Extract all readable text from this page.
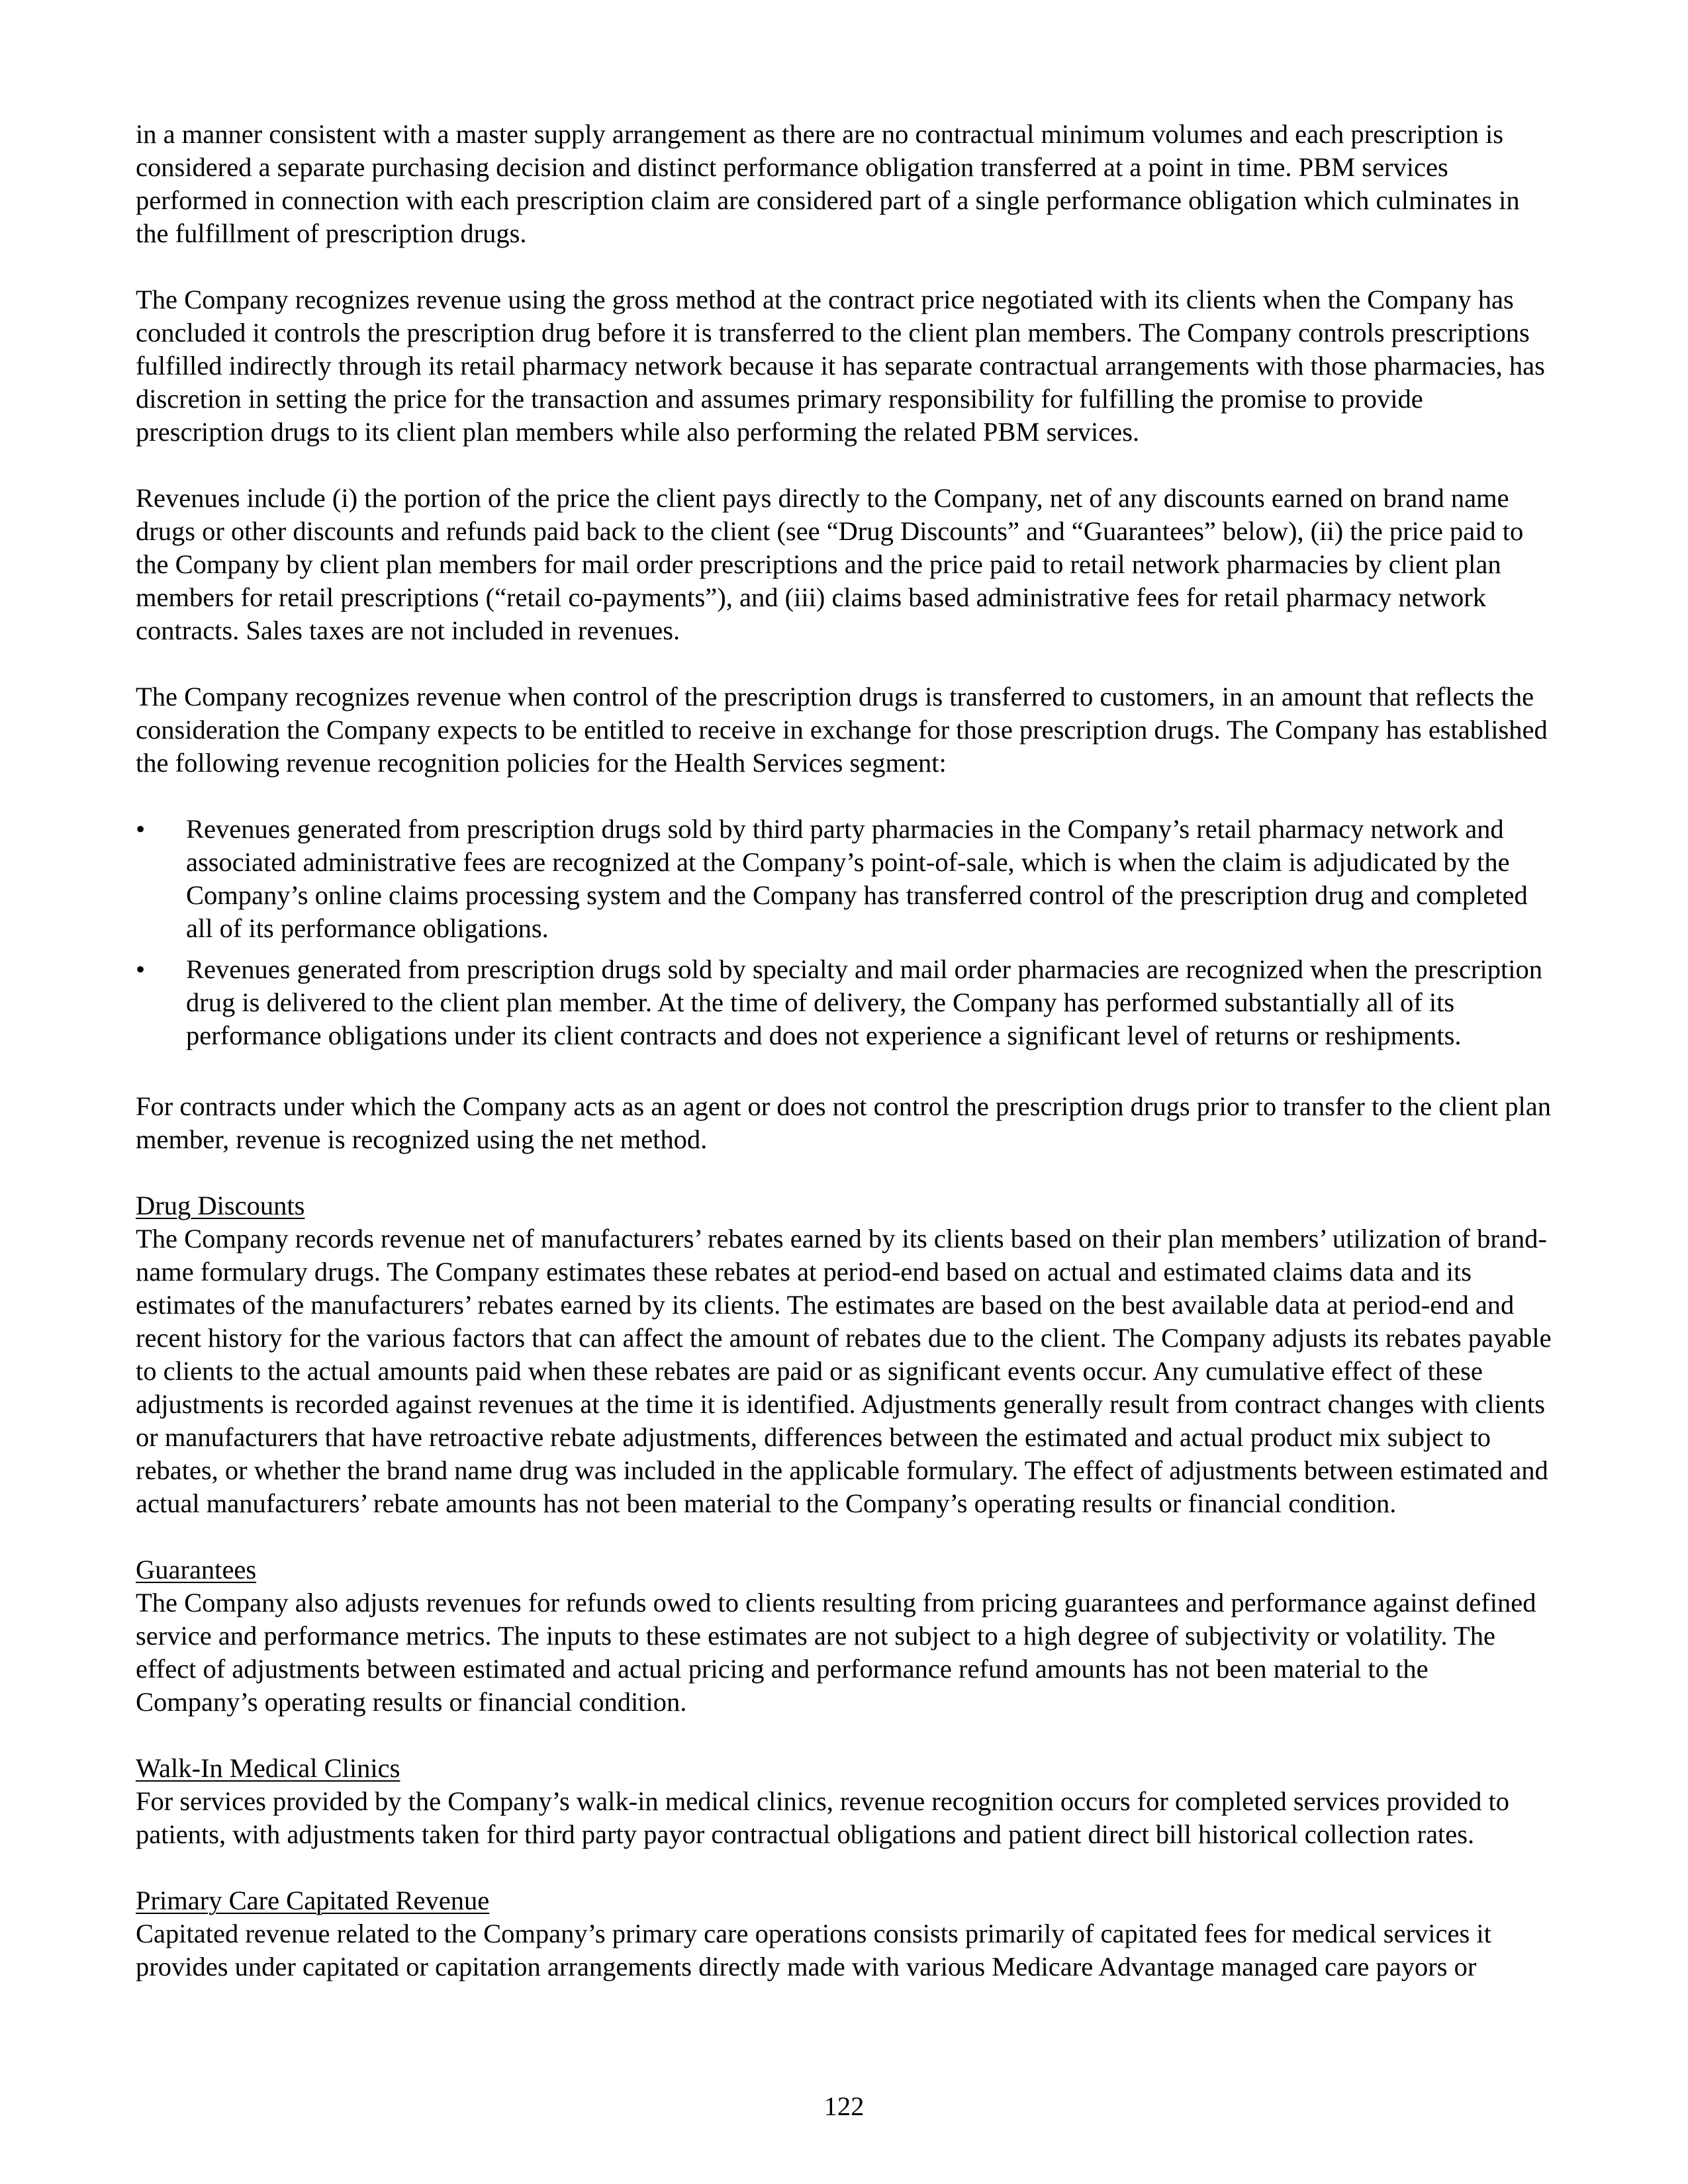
in a manner consistent with a master supply arrangement as there are no contractual minimum volumes and each prescription is considered a separate purchasing decision and distinct performance obligation transferred at a point in time. PBM services performed in connection with each prescription claim are considered part of a single performance obligation which culminates in the fulfillment of prescription drugs.

The Company recognizes revenue using the gross method at the contract price negotiated with its clients when the Company has concluded it controls the prescription drug before it is transferred to the client plan members. The Company controls prescriptions fulfilled indirectly through its retail pharmacy network because it has separate contractual arrangements with those pharmacies, has discretion in setting the price for the transaction and assumes primary responsibility for fulfilling the promise to provide prescription drugs to its client plan members while also performing the related PBM services.

Revenues include (i) the portion of the price the client pays directly to the Company, net of any discounts earned on brand name drugs or other discounts and refunds paid back to the client (see “Drug Discounts” and “Guarantees” below), (ii) the price paid to the Company by client plan members for mail order prescriptions and the price paid to retail network pharmacies by client plan members for retail prescriptions (“retail co-payments”), and (iii) claims based administrative fees for retail pharmacy network contracts. Sales taxes are not included in revenues.

The Company recognizes revenue when control of the prescription drugs is transferred to customers, in an amount that reflects the consideration the Company expects to be entitled to receive in exchange for those prescription drugs. The Company has established the following revenue recognition policies for the Health Services segment:

• Revenues generated from prescription drugs sold by third party pharmacies in the Company’s retail pharmacy network and associated administrative fees are recognized at the Company’s point-of-sale, which is when the claim is adjudicated by the Company’s online claims processing system and the Company has transferred control of the prescription drug and completed all of its performance obligations.
• Revenues generated from prescription drugs sold by specialty and mail order pharmacies are recognized when the prescription drug is delivered to the client plan member. At the time of delivery, the Company has performed substantially all of its performance obligations under its client contracts and does not experience a significant level of returns or reshipments.

For contracts under which the Company acts as an agent or does not control the prescription drugs prior to transfer to the client plan member, revenue is recognized using the net method.

Drug Discounts

The Company records revenue net of manufacturers’ rebates earned by its clients based on their plan members’ utilization of brand-name formulary drugs. The Company estimates these rebates at period-end based on actual and estimated claims data and its estimates of the manufacturers’ rebates earned by its clients. The estimates are based on the best available data at period-end and recent history for the various factors that can affect the amount of rebates due to the client. The Company adjusts its rebates payable to clients to the actual amounts paid when these rebates are paid or as significant events occur. Any cumulative effect of these adjustments is recorded against revenues at the time it is identified. Adjustments generally result from contract changes with clients or manufacturers that have retroactive rebate adjustments, differences between the estimated and actual product mix subject to rebates, or whether the brand name drug was included in the applicable formulary. The effect of adjustments between estimated and actual manufacturers’ rebate amounts has not been material to the Company’s operating results or financial condition.

Guarantees

The Company also adjusts revenues for refunds owed to clients resulting from pricing guarantees and performance against defined service and performance metrics. The inputs to these estimates are not subject to a high degree of subjectivity or volatility. The effect of adjustments between estimated and actual pricing and performance refund amounts has not been material to the Company’s operating results or financial condition.

Walk-In Medical Clinics

For services provided by the Company’s walk-in medical clinics, revenue recognition occurs for completed services provided to patients, with adjustments taken for third party payor contractual obligations and patient direct bill historical collection rates.

Primary Care Capitated Revenue

Capitated revenue related to the Company’s primary care operations consists primarily of capitated fees for medical services it provides under capitated or capitation arrangements directly made with various Medicare Advantage managed care payors or

122
